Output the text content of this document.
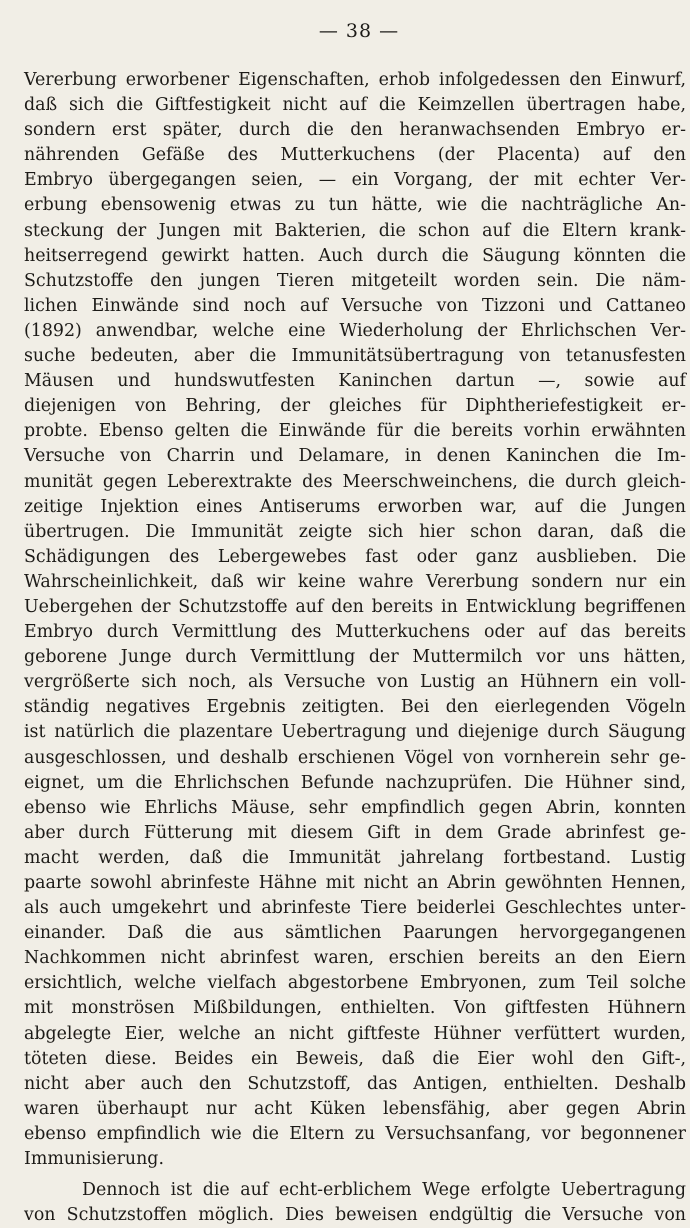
— 38 —
Vererbung erworbener Eigenschaften, erhob infolgedessen den Einwurf,
daß sich die Giftfestigkeit nicht auf die Keimzellen übertragen habe,
sondern erst später, durch die den heranwachsenden Embryo er-
nährenden Gefäße des Mutterkuchens (der Placenta) auf den
Embryo übergegangen seien, — ein Vorgang, der mit echter Ver-
erbung ebensowenig etwas zu tun hätte, wie die nachträgliche An-
steckung der Jungen mit Bakterien, die schon auf die Eltern krank-
heitserregend gewirkt hatten. Auch durch die Säugung könnten die
Schutzstoffe den jungen Tieren mitgeteilt worden sein. Die näm-
lichen Einwände sind noch auf Versuche von Tizzoni und Cattaneo
(1892) anwendbar, welche eine Wiederholung der Ehrlichschen Ver-
suche bedeuten, aber die Immunitätsübertragung von tetanusfesten
Mäusen und hundswutfesten Kaninchen dartun —, sowie auf
diejenigen von Behring, der gleiches für Diphtheriefestigkeit er-
probte. Ebenso gelten die Einwände für die bereits vorhin erwähnten
Versuche von Charrin und Delamare, in denen Kaninchen die Im-
munität gegen Leberextrakte des Meerschweinchens, die durch gleich-
zeitige Injektion eines Antiserums erworben war, auf die Jungen
übertrugen. Die Immunität zeigte sich hier schon daran, daß die
Schädigungen des Lebergewebes fast oder ganz ausblieben. Die
Wahrscheinlichkeit, daß wir keine wahre Vererbung sondern nur ein
Uebergehen der Schutzstoffe auf den bereits in Entwicklung begriffenen
Embryo durch Vermittlung des Mutterkuchens oder auf das bereits
geborene Junge durch Vermittlung der Muttermilch vor uns hätten,
vergrößerte sich noch, als Versuche von Lustig an Hühnern ein voll-
ständig negatives Ergebnis zeitigten. Bei den eierlegenden Vögeln
ist natürlich die plazentare Uebertragung und diejenige durch Säugung
ausgeschlossen, und deshalb erschienen Vögel von vornherein sehr ge-
eignet, um die Ehrlichschen Befunde nachzuprüfen. Die Hühner sind,
ebenso wie Ehrlichs Mäuse, sehr empfindlich gegen Abrin, konnten
aber durch Fütterung mit diesem Gift in dem Grade abrinfest ge-
macht werden, daß die Immunität jahrelang fortbestand. Lustig
paarte sowohl abrinfeste Hähne mit nicht an Abrin gewöhnten Hennen,
als auch umgekehrt und abrinfeste Tiere beiderlei Geschlechtes unter-
einander. Daß die aus sämtlichen Paarungen hervorgegangenen
Nachkommen nicht abrinfest waren, erschien bereits an den Eiern
ersichtlich, welche vielfach abgestorbene Embryonen, zum Teil solche
mit monströsen Mißbildungen, enthielten. Von giftfesten Hühnern
abgelegte Eier, welche an nicht giftfeste Hühner verfüttert wurden,
töteten diese. Beides ein Beweis, daß die Eier wohl den Gift-,
nicht aber auch den Schutzstoff, das Antigen, enthielten. Deshalb
waren überhaupt nur acht Küken lebensfähig, aber gegen Abrin
ebenso empfindlich wie die Eltern zu Versuchsanfang, vor begonnener
Immunisierung.
Dennoch ist die auf echt-erblichem Wege erfolgte Uebertragung
von Schutzstoffen möglich. Dies beweisen endgültig die Versuche von
